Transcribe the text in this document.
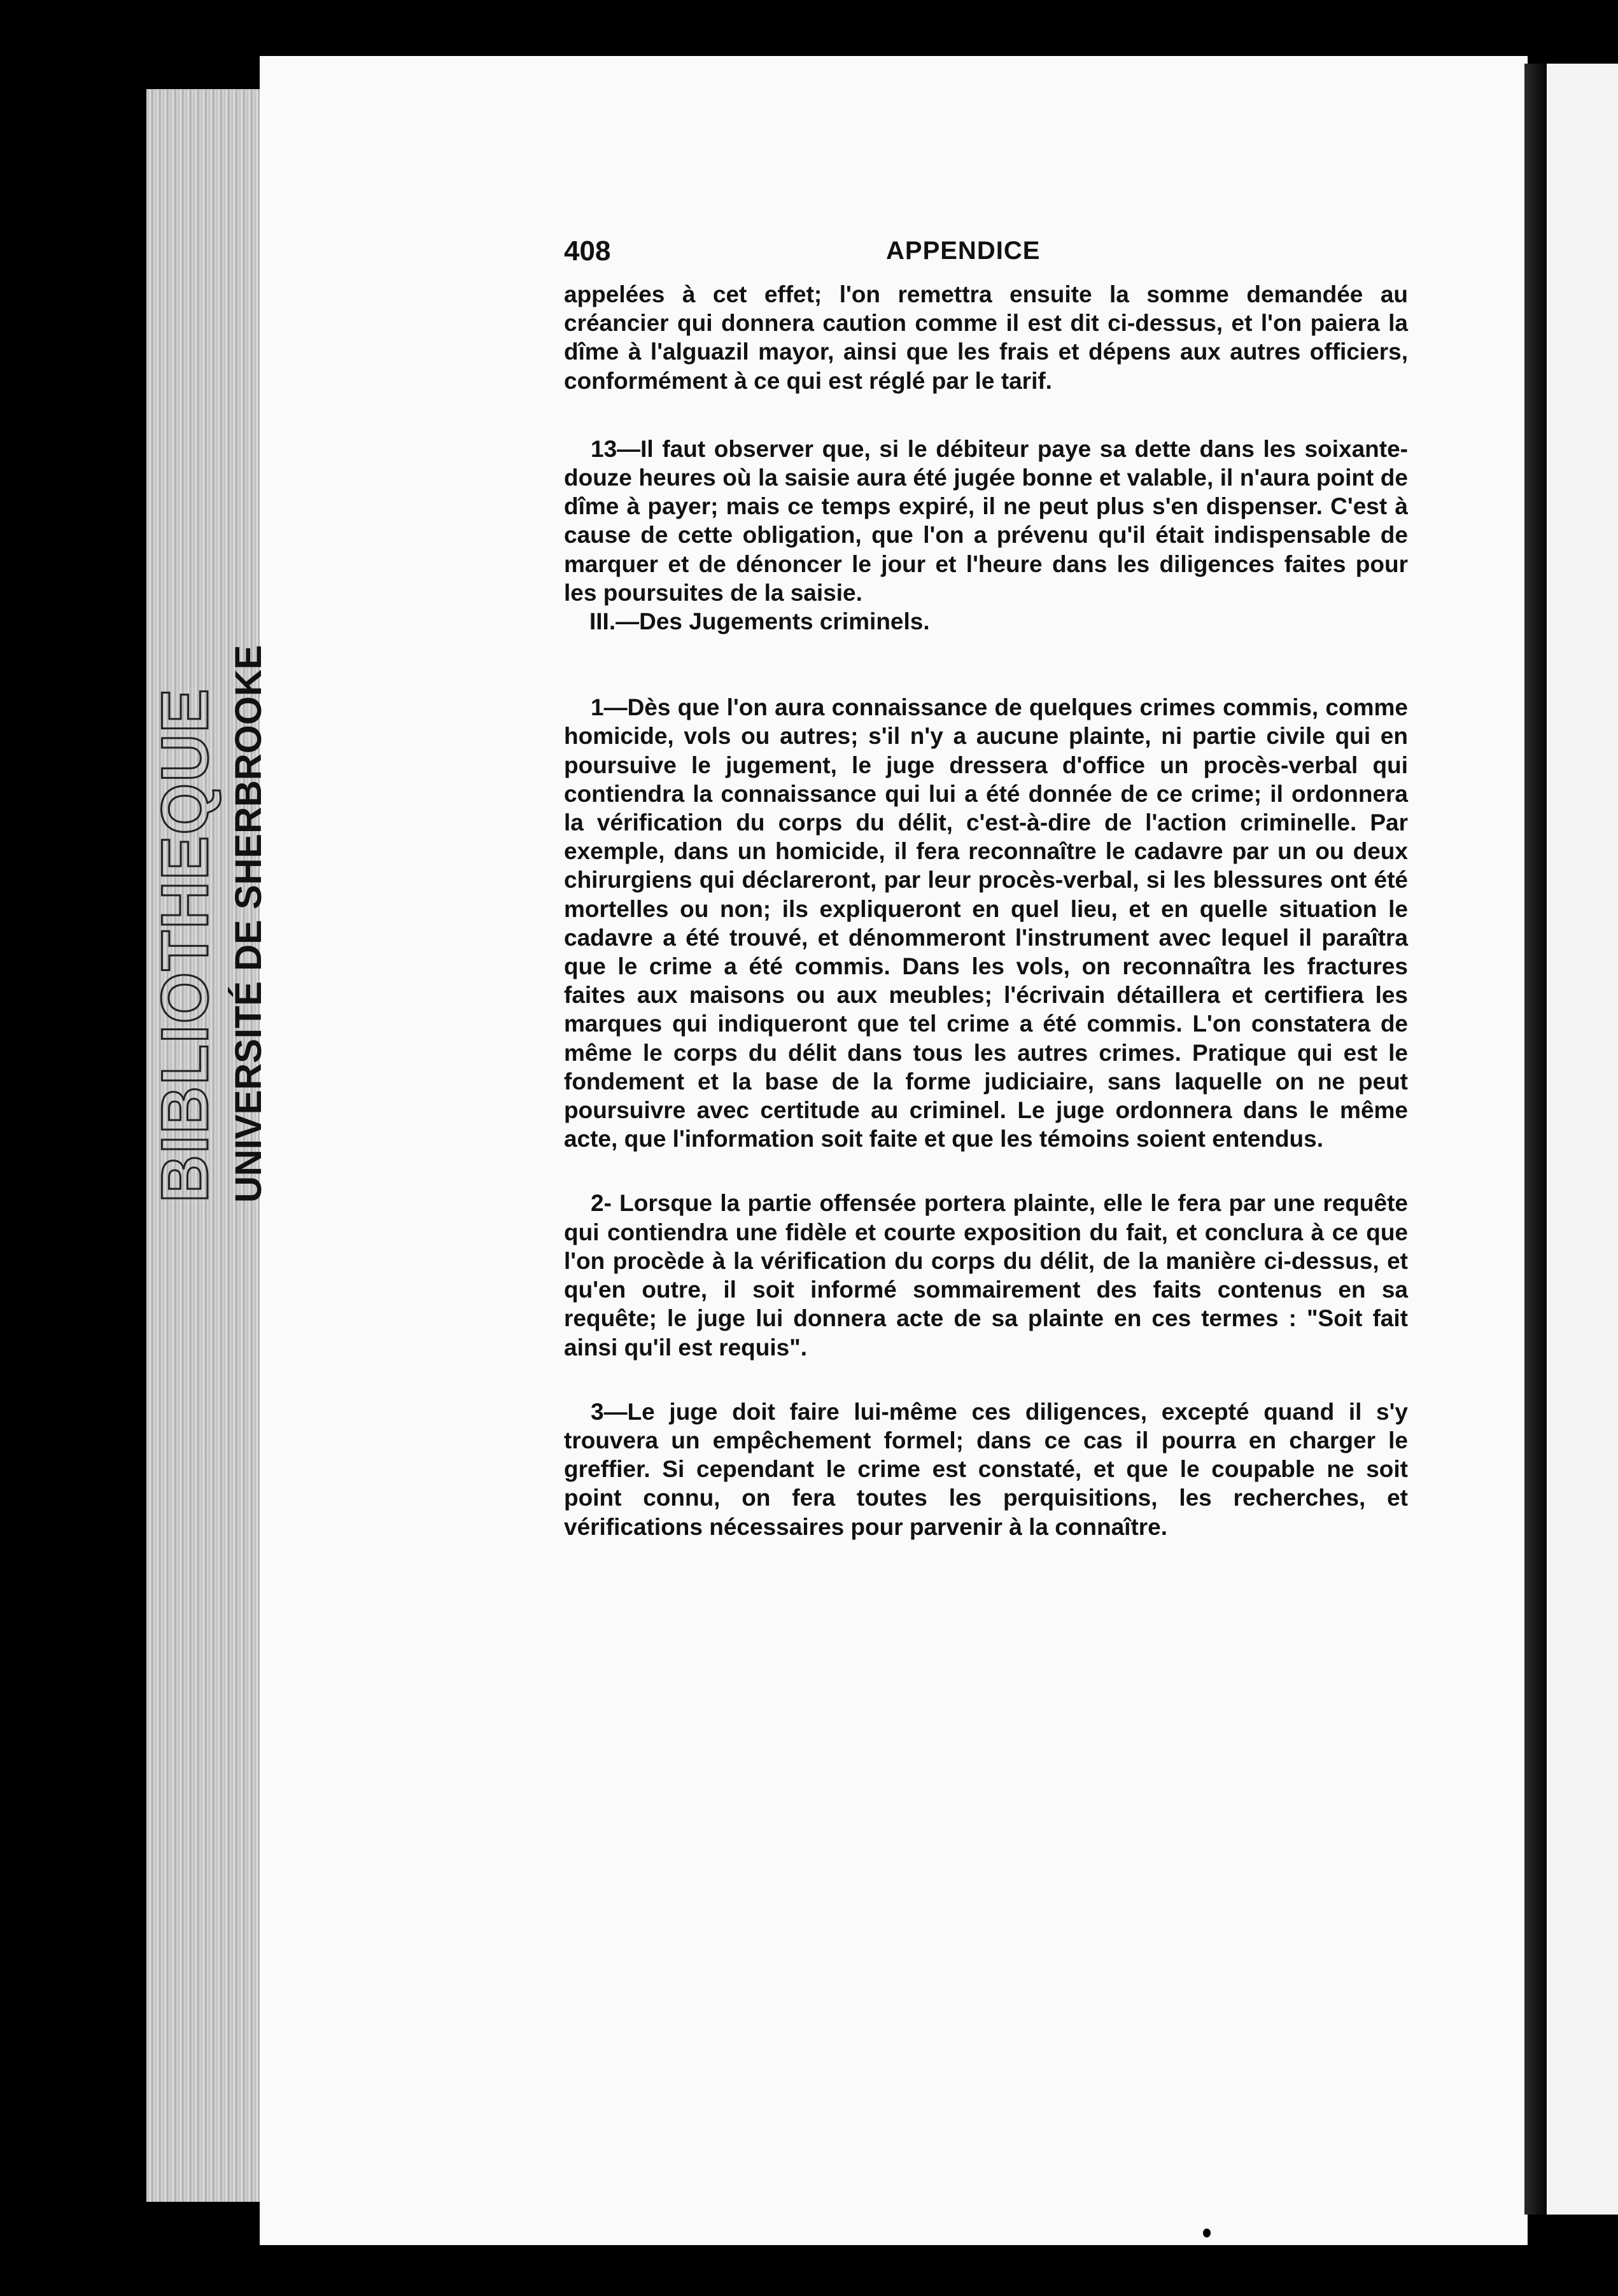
BIBLIOTHEQUE UNIVERSITÉ DE SHERBROOKE

408	APPENDICE

appelées à cet effet; l'on remettra ensuite la somme demandée au créancier qui donnera caution comme il est dit ci-dessus, et l'on paiera la dîme à l'alguazil mayor, ainsi que les frais et dépens aux autres officiers, conformément à ce qui est réglé par le tarif.

13—Il faut observer que, si le débiteur paye sa dette dans les soixante-douze heures où la saisie aura été jugée bonne et valable, il n'aura point de dîme à payer; mais ce temps expiré, il ne peut plus s'en dispenser. C'est à cause de cette obligation, que l'on a prévenu qu'il était indispensable de marquer et de dénoncer le jour et l'heure dans les diligences faites pour les poursuites de la saisie.

III.—Des Jugements criminels.

1—Dès que l'on aura connaissance de quelques crimes commis, comme homicide, vols ou autres; s'il n'y a aucune plainte, ni partie civile qui en poursuive le jugement, le juge dressera d'office un procès-verbal qui contiendra la connaissance qui lui a été donnée de ce crime; il ordonnera la vérification du corps du délit, c'est-à-dire de l'action criminelle. Par exemple, dans un homicide, il fera reconnaître le cadavre par un ou deux chirurgiens qui déclareront, par leur procès-verbal, si les blessures ont été mortelles ou non; ils expliqueront en quel lieu, et en quelle situation le cadavre a été trouvé, et dénommeront l'instrument avec lequel il paraîtra que le crime a été commis. Dans les vols, on reconnaîtra les fractures faites aux maisons ou aux meubles; l'écrivain détaillera et certifiera les marques qui indiqueront que tel crime a été commis. L'on constatera de même le corps du délit dans tous les autres crimes. Pratique qui est le fondement et la base de la forme judiciaire, sans laquelle on ne peut poursuivre avec certitude au criminel. Le juge ordonnera dans le même acte, que l'information soit faite et que les témoins soient entendus.

2- Lorsque la partie offensée portera plainte, elle le fera par une requête qui contiendra une fidèle et courte exposition du fait, et conclura à ce que l'on procède à la vérification du corps du délit, de la manière ci-dessus, et qu'en outre, il soit informé sommairement des faits contenus en sa requête; le juge lui donnera acte de sa plainte en ces termes : "Soit fait ainsi qu'il est requis".

3—Le juge doit faire lui-même ces diligences, excepté quand il s'y trouvera un empêchement formel; dans ce cas il pourra en charger le greffier. Si cependant le crime est constaté, et que le coupable ne soit point connu, on fera toutes les perquisitions, les recherches, et vérifications nécessaires pour parvenir à la connaître.
